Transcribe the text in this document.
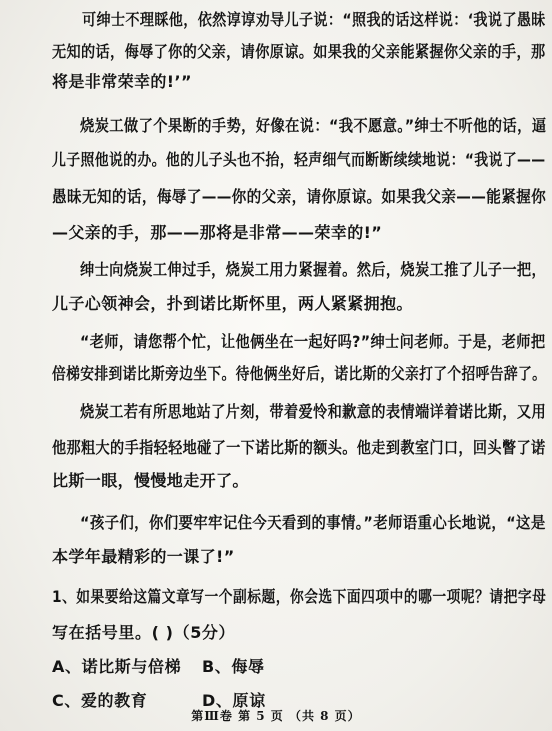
可绅士不理睬他，依然谆谆劝导儿子说：“照我的话这样说：‘我说了愚昧
无知的话，侮辱了你的父亲，请你原谅。如果我的父亲能紧握你父亲的手，那
将是非常荣幸的!’”
烧炭工做了个果断的手势，好像在说：“我不愿意。”绅士不听他的话，逼
儿子照他说的办。他的儿子头也不抬，轻声细气而断断续续地说：“我说了——
愚昧无知的话，侮辱了——你的父亲，请你原谅。如果我父亲——能紧握你
—父亲的手，那——那将是非常——荣幸的!”
绅士向烧炭工伸过手，烧炭工用力紧握着。然后，烧炭工推了儿子一把，
儿子心领神会，扑到诺比斯怀里，两人紧紧拥抱。
“老师，请您帮个忙，让他俩坐在一起好吗?”绅士问老师。于是，老师把
倍梯安排到诺比斯旁边坐下。待他俩坐好后，诺比斯的父亲打了个招呼告辞了。
烧炭工若有所思地站了片刻，带着爱怜和歉意的表情端详着诺比斯，又用
他那粗大的手指轻轻地碰了一下诺比斯的额头。他走到教室门口，回头瞥了诺
比斯一眼，慢慢地走开了。
“孩子们，你们要牢牢记住今天看到的事情。”老师语重心长地说，“这是
本学年最精彩的一课了!”
1、如果要给这篇文章写一个副标题，你会选下面四项中的哪一项呢？请把字母
写在括号里。( )（5分）
A、诺比斯与倍梯 B、侮辱
C、爱的教育	D、原谅
第Ⅲ卷 第 5 页 （共 8 页）
